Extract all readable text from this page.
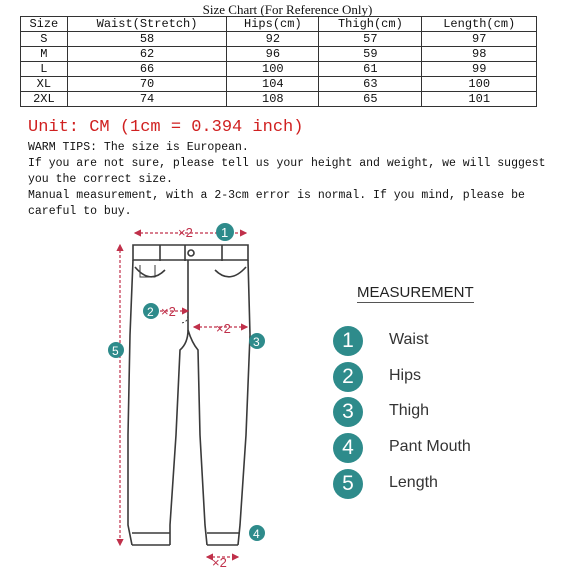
Size Chart (For Reference Only)
Size	Waist(Stretch)	Hips(cm)	Thigh(cm)	Length(cm)
S	58	92	57	97
M	62	96	59	98
L	66	100	61	99
XL	70	104	63	100
2XL	74	108	65	101
Unit: CM (1cm = 0.394 inch)

WARM TIPS: The size is European.

If you are not sure, please tell us your height and weight, we will suggest you the correct size.

Manual measurement, with a 2-3cm error is normal. If you mind, please be careful to buy.

×2 1
2 ×2
×2
3
5
×2
4
MEASUREMENT
1	Waist
2	Hips
3	Thigh
4	Pant Mouth
5	Length
